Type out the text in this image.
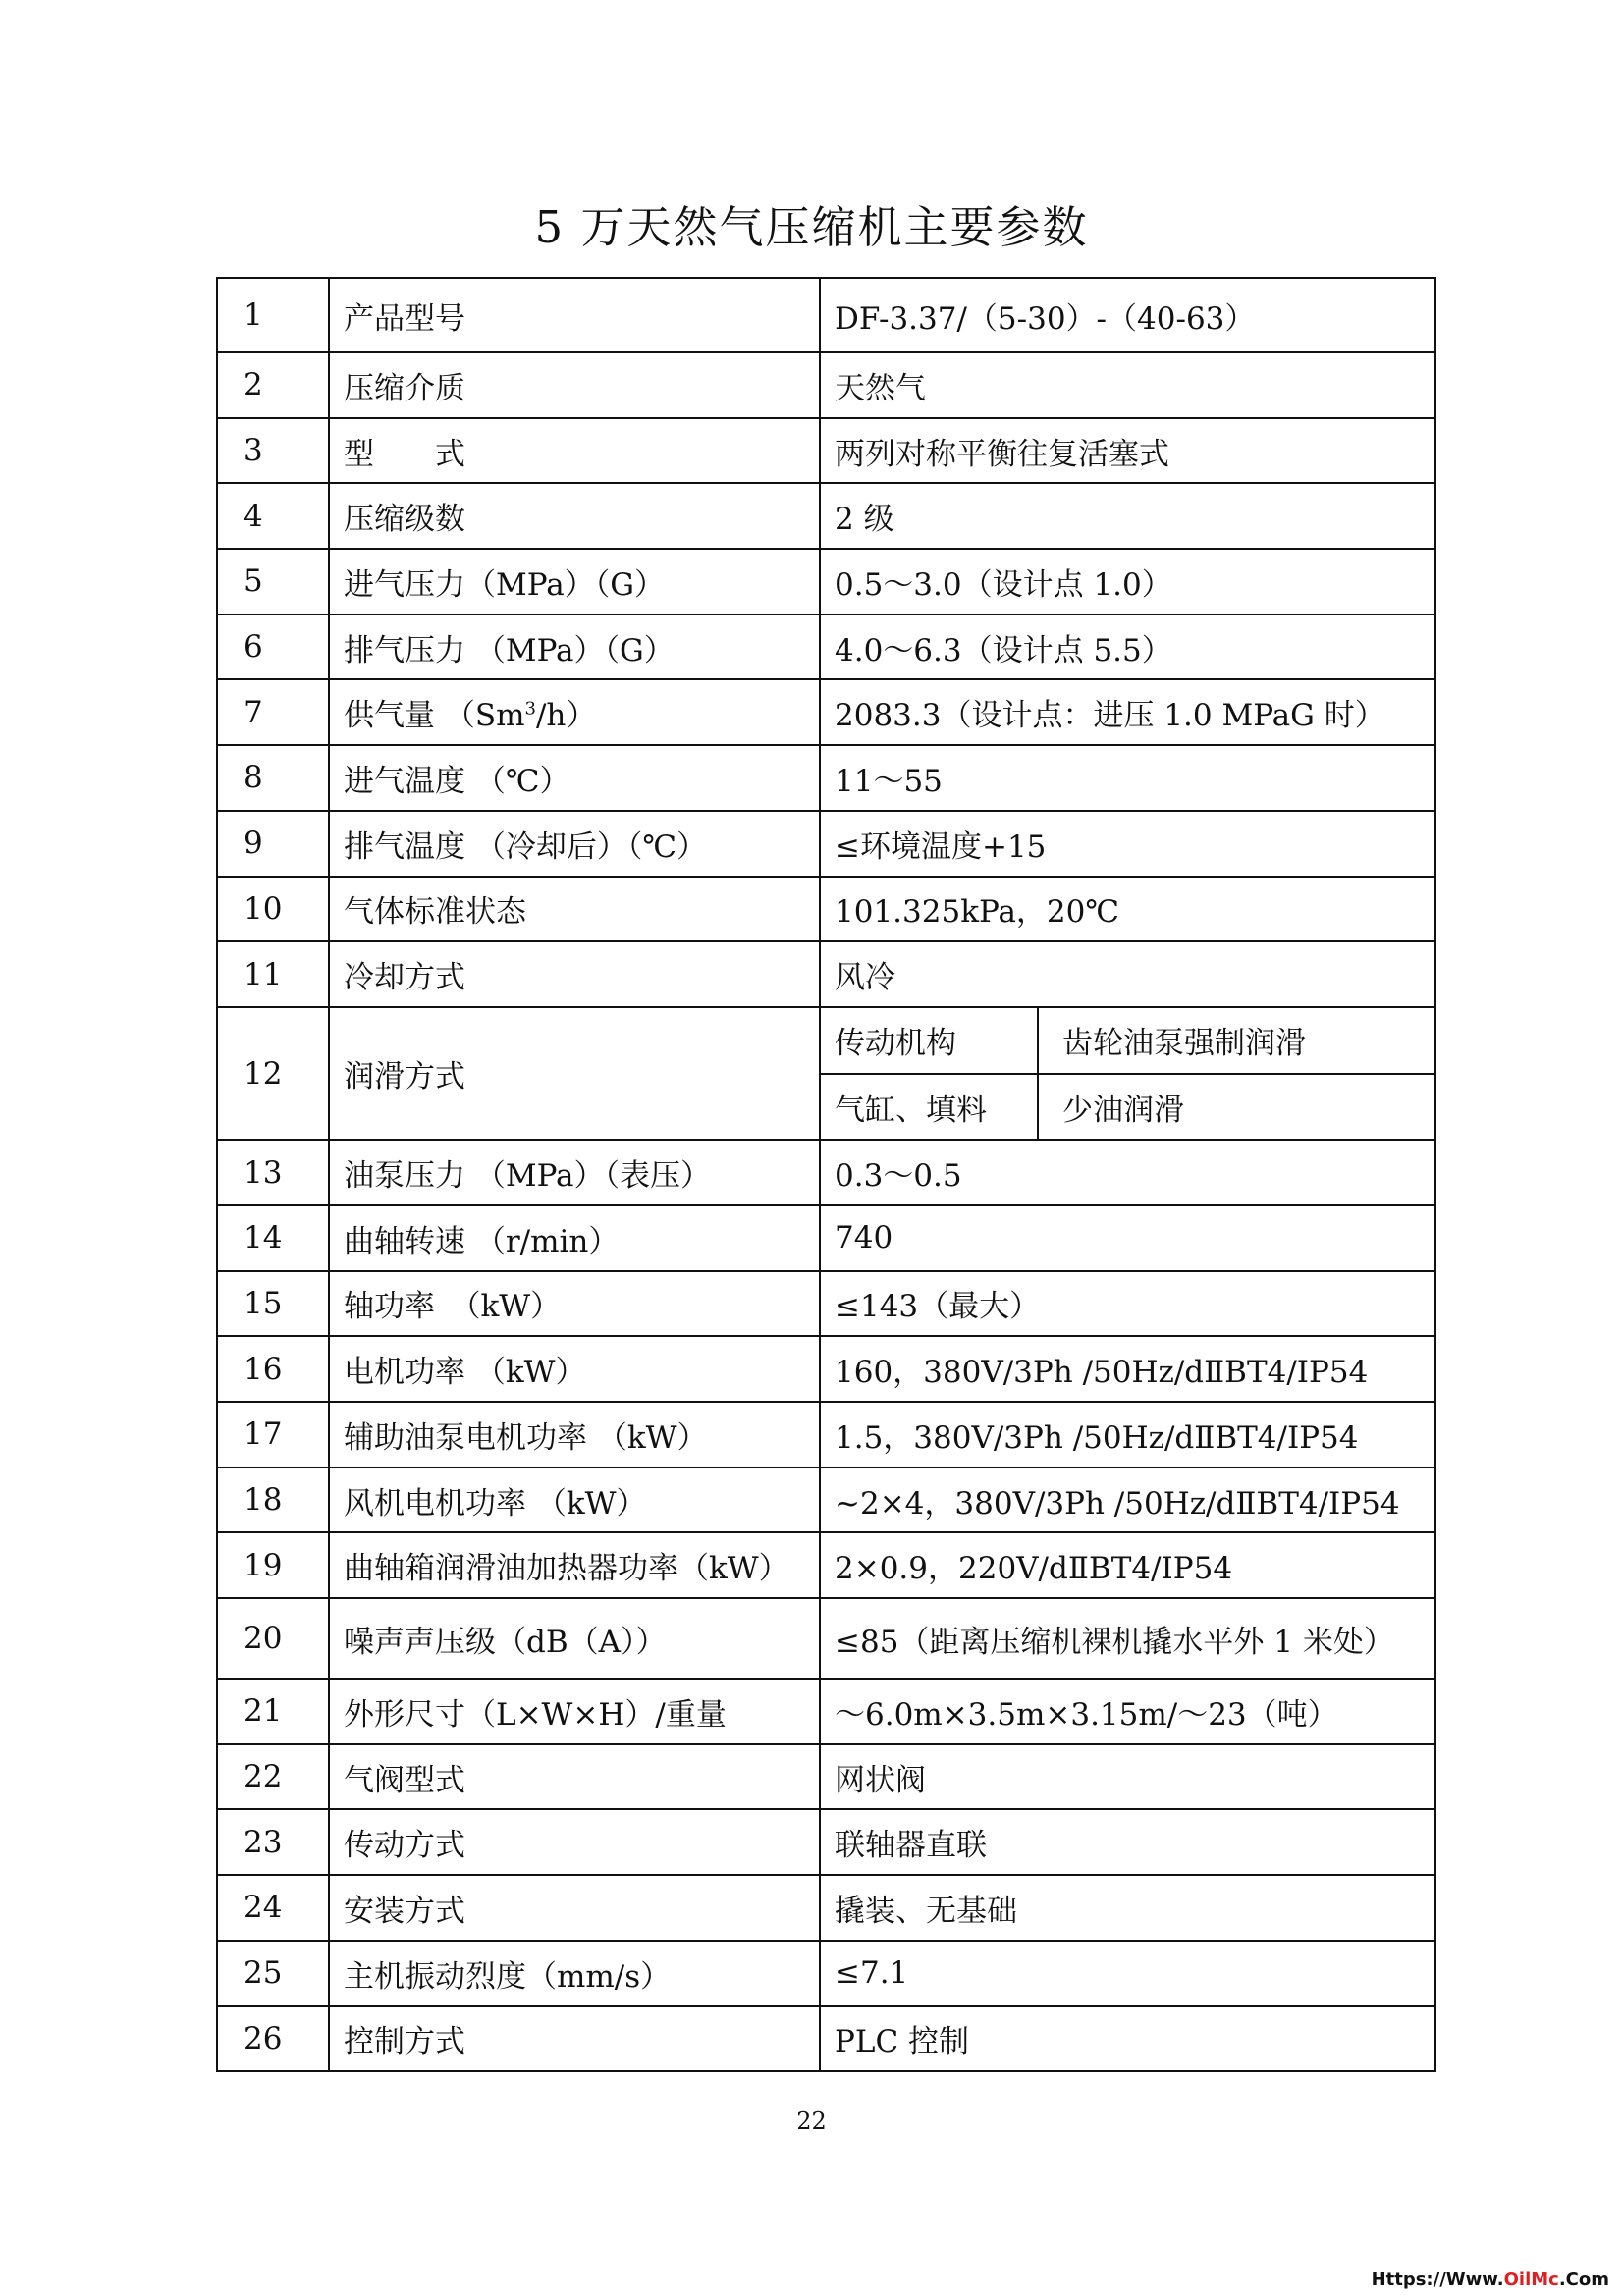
5 万天然气压缩机主要参数
1	产品型号	DF-3.37/（5-30）-（40-63）
2	压缩介质	天然气
3	型　　式	两列对称平衡往复活塞式
4	压缩级数	2 级
5	进气压力（MPa）（G）	0.5～3.0（设计点 1.0）
6	排气压力 （MPa）（G）	4.0～6.3（设计点 5.5）
7	供气量 （Sm$^3$/h）	2083.3（设计点：进压 1.0 MPaG 时）
8	进气温度 （℃）	11～55
9	排气温度 （冷却后）（℃）	≤环境温度+15
10	气体标准状态	101.325kPa，20℃
11	冷却方式	风冷
12	润滑方式	
传动机构	齿轮油泵强制润滑
气缸、填料	少油润滑

13	油泵压力 （MPa）（表压）	0.3～0.5
14	曲轴转速 （r/min）	740
15	轴功率　（kW）	≤143（最大）
16	电机功率 （kW）	160，380V/3Ph /50Hz/dⅡBT4/IP54
17	辅助油泵电机功率 （kW）	1.5，380V/3Ph /50Hz/dⅡBT4/IP54
18	风机电机功率 （kW）	~2×4，380V/3Ph /50Hz/dⅡBT4/IP54
19	曲轴箱润滑油加热器功率（kW）	2×0.9，220V/dⅡBT4/IP54
20	噪声声压级（dB（A））	≤85（距离压缩机裸机撬水平外 1 米处）
21	外形尺寸（L×W×H）/重量	～6.0m×3.5m×3.15m/～23（吨）
22	气阀型式	网状阀
23	传动方式	联轴器直联
24	安装方式	撬装、无基础
25	主机振动烈度（mm/s）	≤7.1
26	控制方式	PLC 控制
22
Https://Www.OilMc.Com
